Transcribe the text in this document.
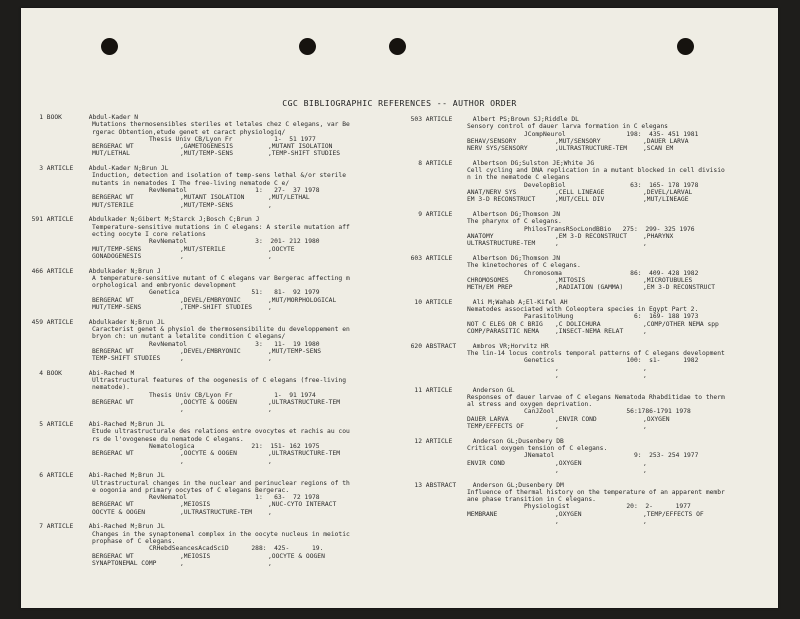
CGC BIBLIOGRAPHIC REFERENCES -- AUTHOR ORDER
1 BOOK	Abdul-Kader N
Mutations thermosensibles steriles et letales chez C elegans, var Be
rgerac Obtention,etude genet et caract physiologiq/
Thesis Univ CB/Lyon Fr           1-  51 1977
BERGERAC WT	,GAMETOGENESIS	,MUTANT ISOLATION
MUT/LETHAL	,MUT/TEMP-SENS	,TEMP-SHIFT STUDIES
3 ARTICLE Abdul-Kader N;Brun JL
Induction, detection and isolation of temp-sens lethal &/or sterile
mutants in nematodes I The free-living nematode C e/
RevNematol                  1:   27-  37 1978
BERGERAC WT	,MUTANT ISOLATION	,MUT/LETHAL
MUT/STERILE	,MUT/TEMP-SENS	,
591 ARTICLE Abdulkader N;Gibert M;Starck J;Bosch C;Brun J
Temperature-sensitive mutations in C elegans: A sterile mutation aff
ecting oocyte I core relations
RevNematol                  3:  201- 212 1980
MUT/TEMP-SENS	,MUT/STERILE	,OOCYTE
GONADOGENESIS	,	,
466 ARTICLE Abdulkader N;Brun J
A temperature-sensitive mutant of C elegans var Bergerac affecting m
orphological and embryonic development
Genetica                   51:   81-  92 1979
BERGERAC WT	,DEVEL/EMBRYONIC	,MUT/MORPHOLOGICAL
MUT/TEMP-SENS	,TEMP-SHIFT STUDIES	,
459 ARTICLE Abdulkader N;Brun JL
Caracterist genet & physiol de thermosensibilite du developpement en
bryon ch: un mutant a letalite condition C elegans/
RevNematol                  3:   11-  19 1980
BERGERAC WT	,DEVEL/EMBRYONIC	,MUT/TEMP-SENS
TEMP-SHIFT STUDIES	,	,
4 BOOK	Abi-Rached M
Ultrastructural features of the oogenesis of C elegans (free-living
nematode).
Thesis Univ CB/Lyon Fr           1-  91 1974
BERGERAC WT	,OOCYTE & OOGEN	,ULTRASTRUCTURE-TEM
,	,
5 ARTICLE Abi-Rached M;Brun JL
Etude ultrastructurale des relations entre ovocytes et rachis au cou
rs de l'ovogenese du nematode C elegans.
Nematologica               21:  151- 162 1975
BERGERAC WT	,OOCYTE & OOGEN	,ULTRASTRUCTURE-TEM
,	,
6 ARTICLE Abi-Rached M;Brun JL
Ultrastructural changes in the nuclear and perinuclear regions of th
e oogonia and primary oocytes of C elegans Bergerac.
RevNematol                  1:   63-  72 1978
BERGERAC WT	,MEIOSIS	,NUC-CYTO INTERACT
OOCYTE & OOGEN	,ULTRASTRUCTURE-TEM	,
7 ARTICLE Abi-Rached M;Brun JL
Changes in the synaptonemal complex in the oocyte nucleus in meiotic
prophase of C elegans.
CRHebdSeancesAcadSciD      288:  425-      19.
BERGERAC WT	,MEIOSIS	,OOCYTE & OOGEN
SYNAPTONEMAL COMP	,	,
503 ARTICLE	Albert PS;Brown SJ;Riddle DL
Sensory control of dauer larva formation in C elegans
JCompNeurol                198:  435- 451 1981
BEHAV/SENSORY	,MUT/SENSORY	,DAUER LARVA
NERV SYS/SENSORY	,ULTRASTRUCTURE-TEM	,SCAN EM
8 ARTICLE	Albertson DG;Sulston JE;White JG
Cell cycling and DNA replication in a mutant blocked in cell divisio
n in the nematode C elegans
DevelopBiol                 63:  165- 178 1978
ANAT/NERV SYS	,CELL LINEAGE	,DEVEL/LARVAL
EM 3-D RECONSTRUCT	,MUT/CELL DIV	,MUT/LINEAGE
9 ARTICLE	Albertson DG;Thomson JN
The pharynx of C elegans.
PhilosTransRSocLondBBio   275:  299- 325 1976
ANATOMY	,EM 3-D RECONSTRUCT	,PHARYNX
ULTRASTRUCTURE-TEM	,	,
603 ARTICLE	Albertson DG;Thomson JN
The kinetochores of C elegans.
Chromosoma                  86:  409- 428 1982
CHROMOSOMES	,MITOSIS	,MICROTUBULES
METH/EM PREP	,RADIATION (GAMMA)	,EM 3-D RECONSTRUCT
10 ARTICLE	Ali M;Wahab A;El-Kifel AH
Nematodes associated with Coleoptera species in Egypt Part 2.
ParasitolHung                6:  169- 188 1973
NOT C ELEG OR C BRIG ,C DOLICHURA	,COMP/OTHER NEMA spp
COMP/PARASITIC NEMA	,INSECT-NEMA RELAT	,
620 ABSTRACT	Ambros VR;Horvitz HR
The lin-14 locus controls temporal patterns of C elegans development
Genetics                   100:  s1-      1982
,	,
,	,
11 ARTICLE	Anderson GL
Responses of dauer larvae of C elegans Nematoda Rhabditidae to therm
al stress and oxygen deprivation.
CanJZool                   56:1786-1791 1978
DAUER LARVA	,ENVIR COND	,OXYGEN
TEMP/EFFECTS OF	,	,
12 ARTICLE	Anderson GL;Dusenbery DB
Critical oxygen tension of C elegans.
JNematol                     9:  253- 254 1977
ENVIR COND	,OXYGEN	,
,	,
13 ABSTRACT	Anderson GL;Dusenbery DM
Influence of thermal history on the temperature of an apparent membr
ane phase transition in C elegans.
Physiologist               20:  2-      1977
MEMBRANE	,OXYGEN	,TEMP/EFFECTS OF
,	,
